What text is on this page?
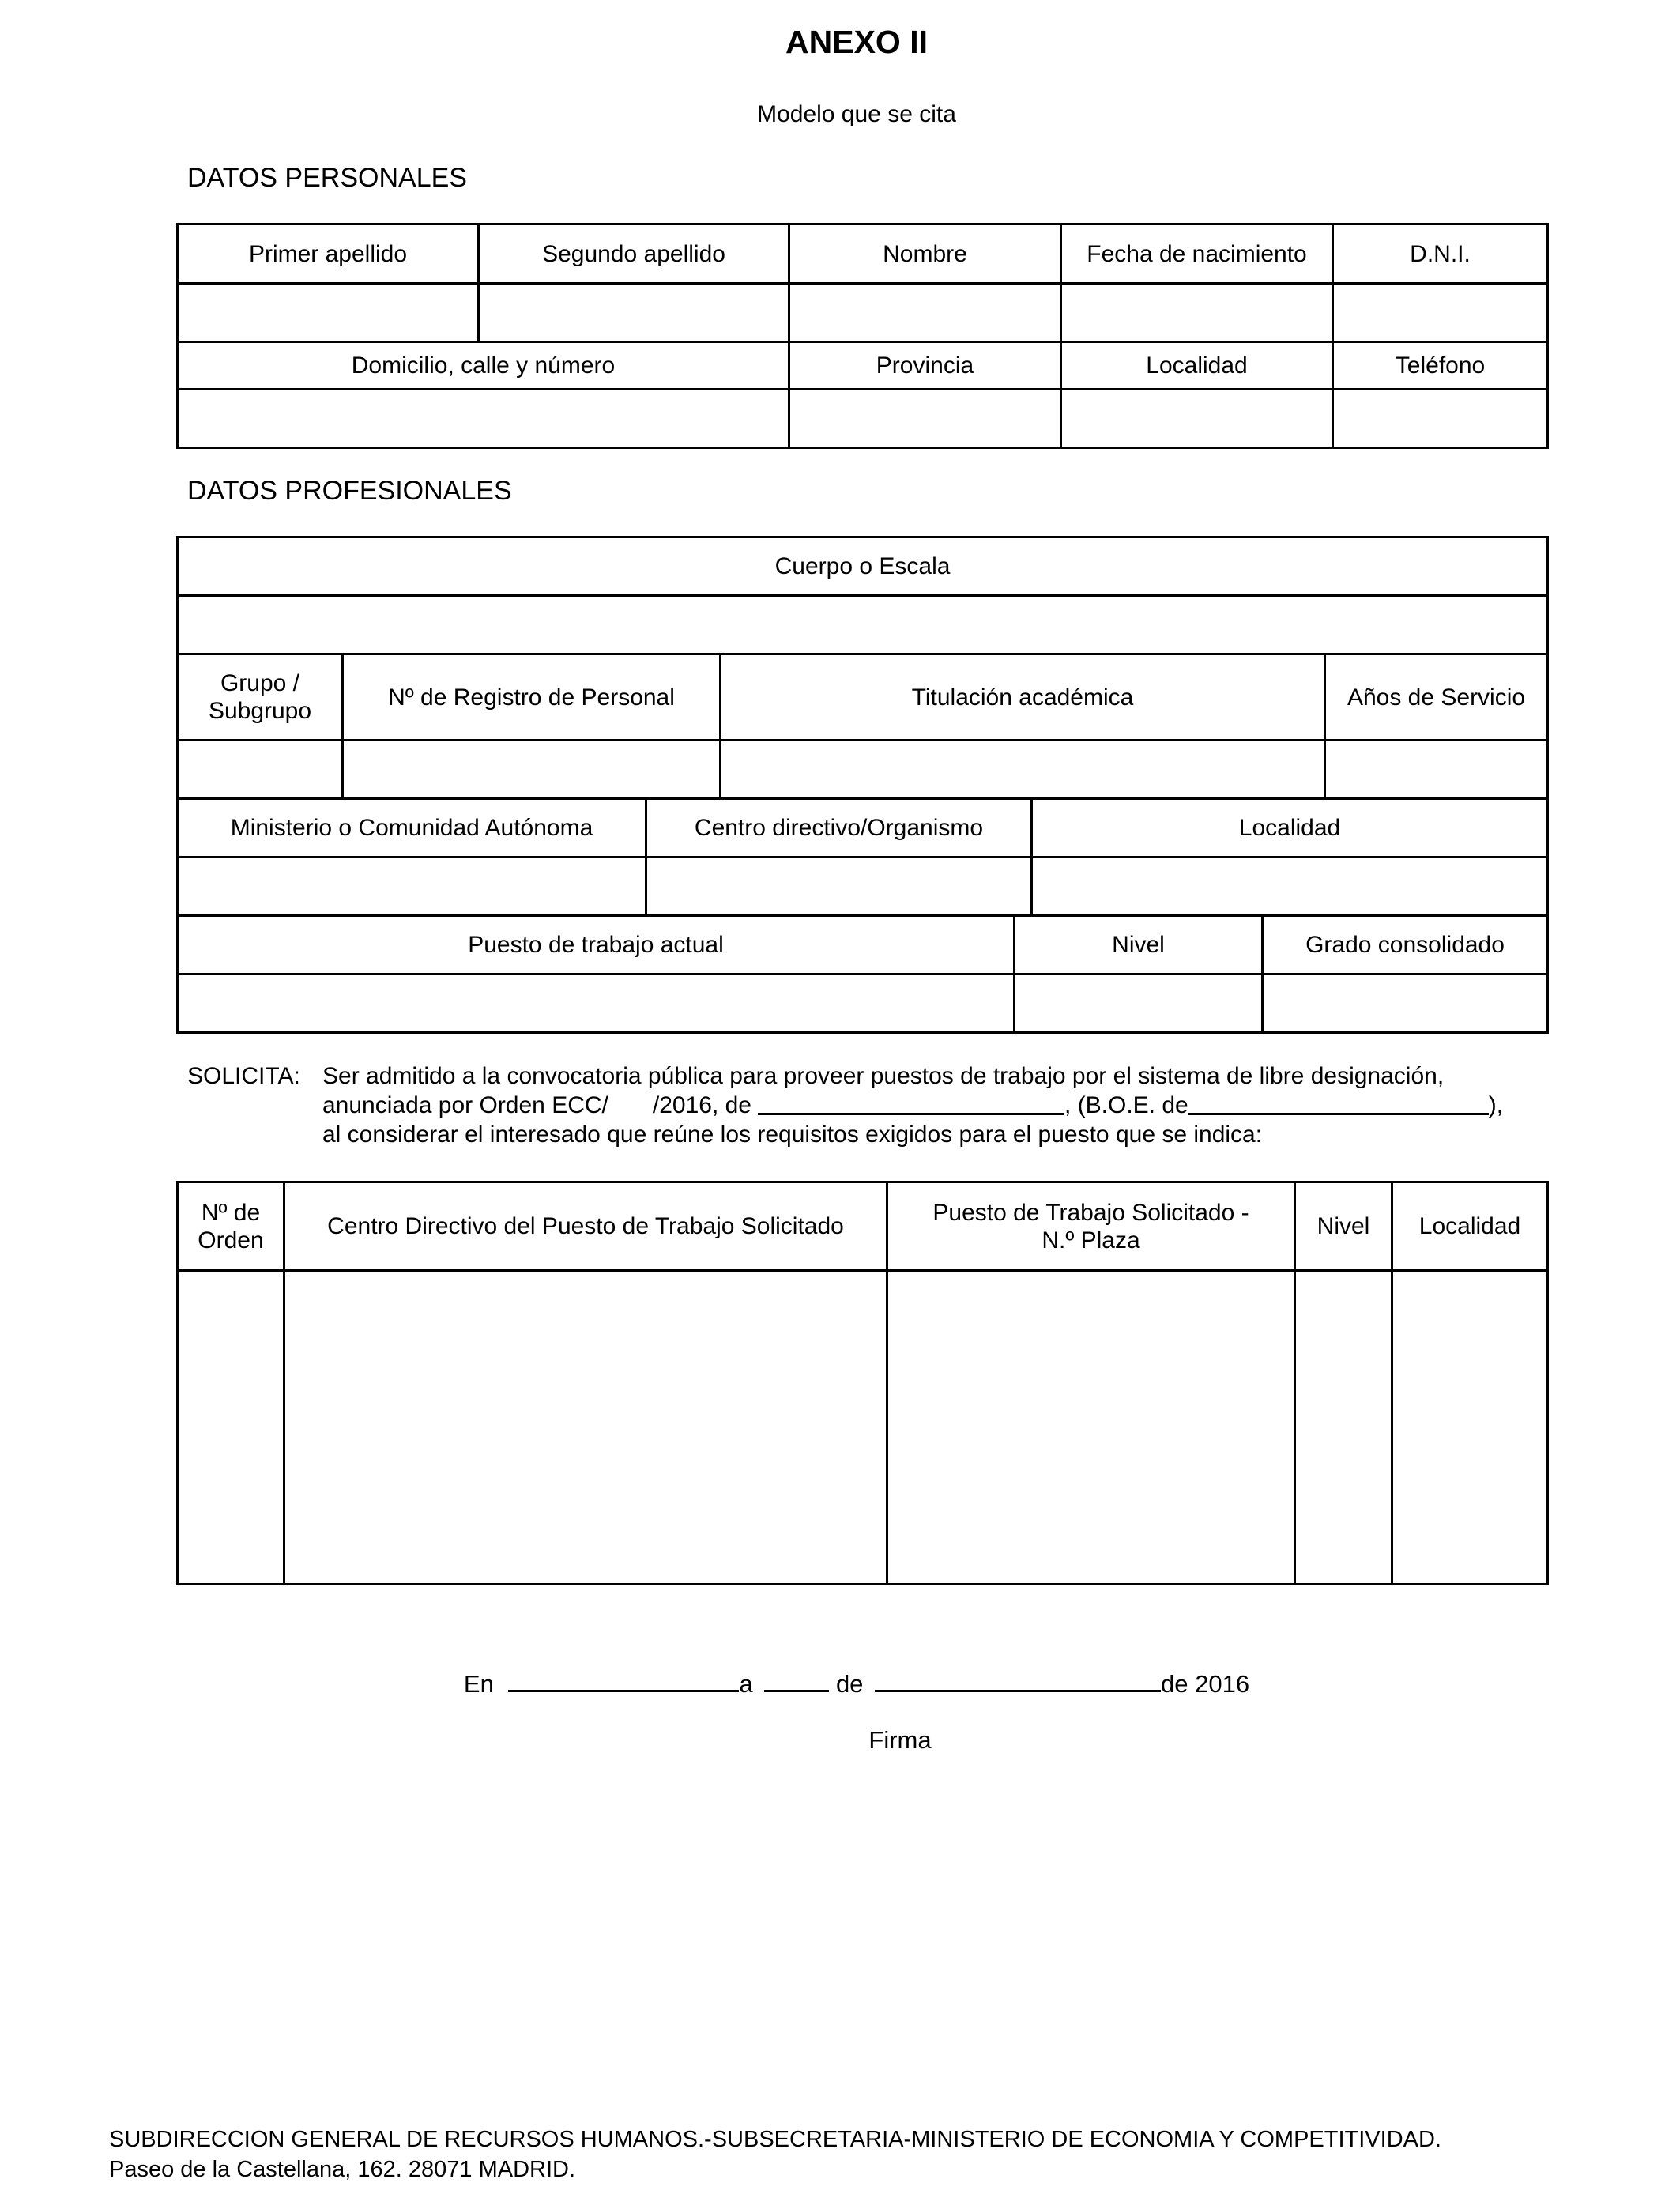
ANEXO II
Modelo que se cita
DATOS PERSONALES
Primer apellido	Segundo apellido	Nombre	Fecha de nacimiento	D.N.I.

Domicilio, calle y número		Provincia	Localidad	Teléfono

DATOS PROFESIONALES
Cuerpo o Escala							

Grupo / Subgrupo	Nº de Registro de Personal		Titulación académica				Años de Servicio

Ministerio o Comunidad Autónoma		Centro directivo/Organismo			Localidad		

Puesto de trabajo actual				Nivel		Grado consolidado	

SOLICITA: Ser admitido a la convocatoria pública para proveer puestos de trabajo por el sistema de libre designación,
anunciada por Orden ECC/ /2016, de	, (B.O.E. de	),
al considerar el interesado que reúne los requisitos exigidos para el puesto que se indica:
Nº de Orden	Centro Directivo del Puesto de Trabajo Solicitado	Puesto de Trabajo Solicitado - N.º Plaza	Nivel	Localidad

En	a	de	de 2016
Firma
SUBDIRECCION GENERAL DE RECURSOS HUMANOS.-SUBSECRETARIA-MINISTERIO DE ECONOMIA Y COMPETITIVIDAD.
Paseo de la Castellana, 162. 28071 MADRID.
